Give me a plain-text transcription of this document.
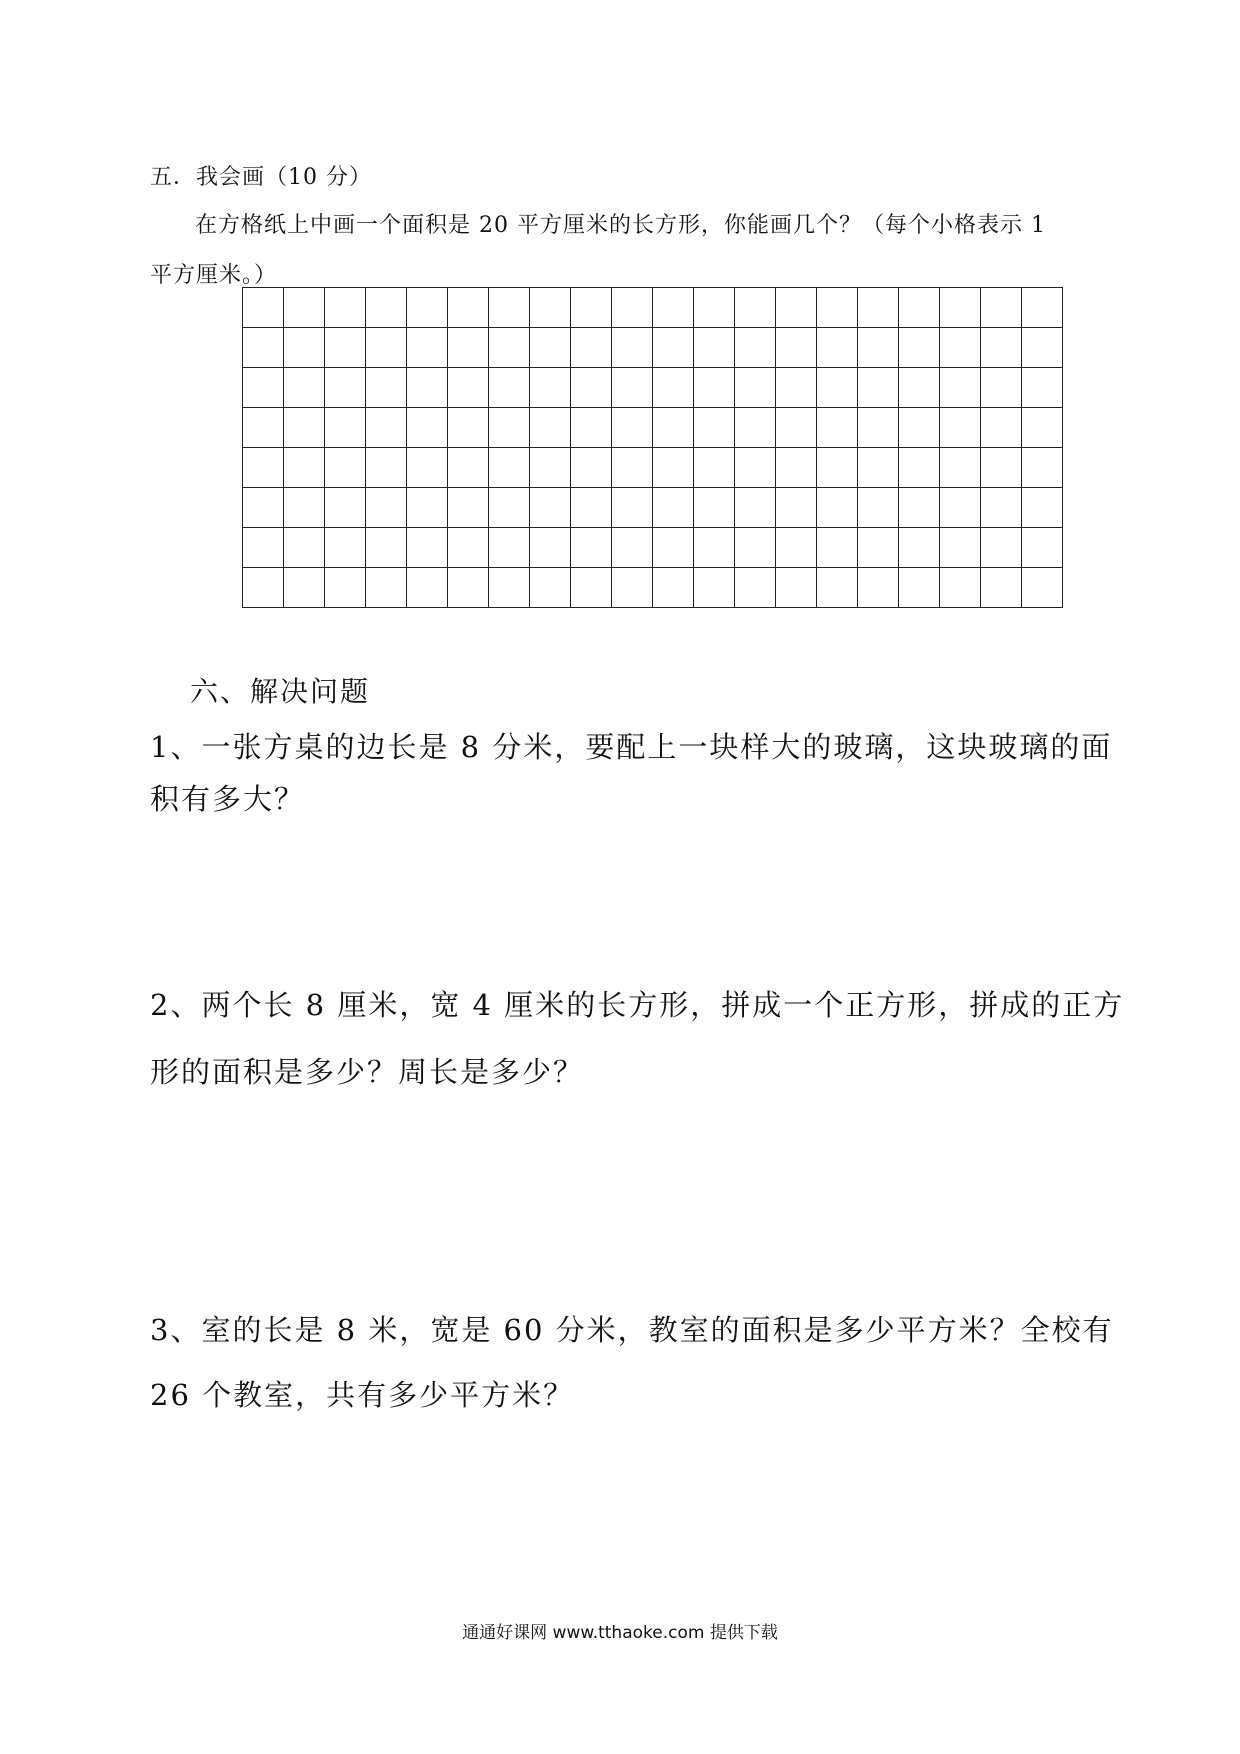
五．我会画（10 分）
在方格纸上中画一个面积是 20 平方厘米的长方形，你能画几个？（每个小格表示 1
平方厘米。）

六、解决问题
1、一张方桌的边长是 8 分米，要配上一块样大的玻璃，这块玻璃的面
积有多大？
2、两个长 8 厘米，宽 4 厘米的长方形，拼成一个正方形，拼成的正方
形的面积是多少？周长是多少？
3、室的长是 8 米，宽是 60 分米，教室的面积是多少平方米？全校有
26 个教室，共有多少平方米？
通通好课网 www.tthaoke.com 提供下载
